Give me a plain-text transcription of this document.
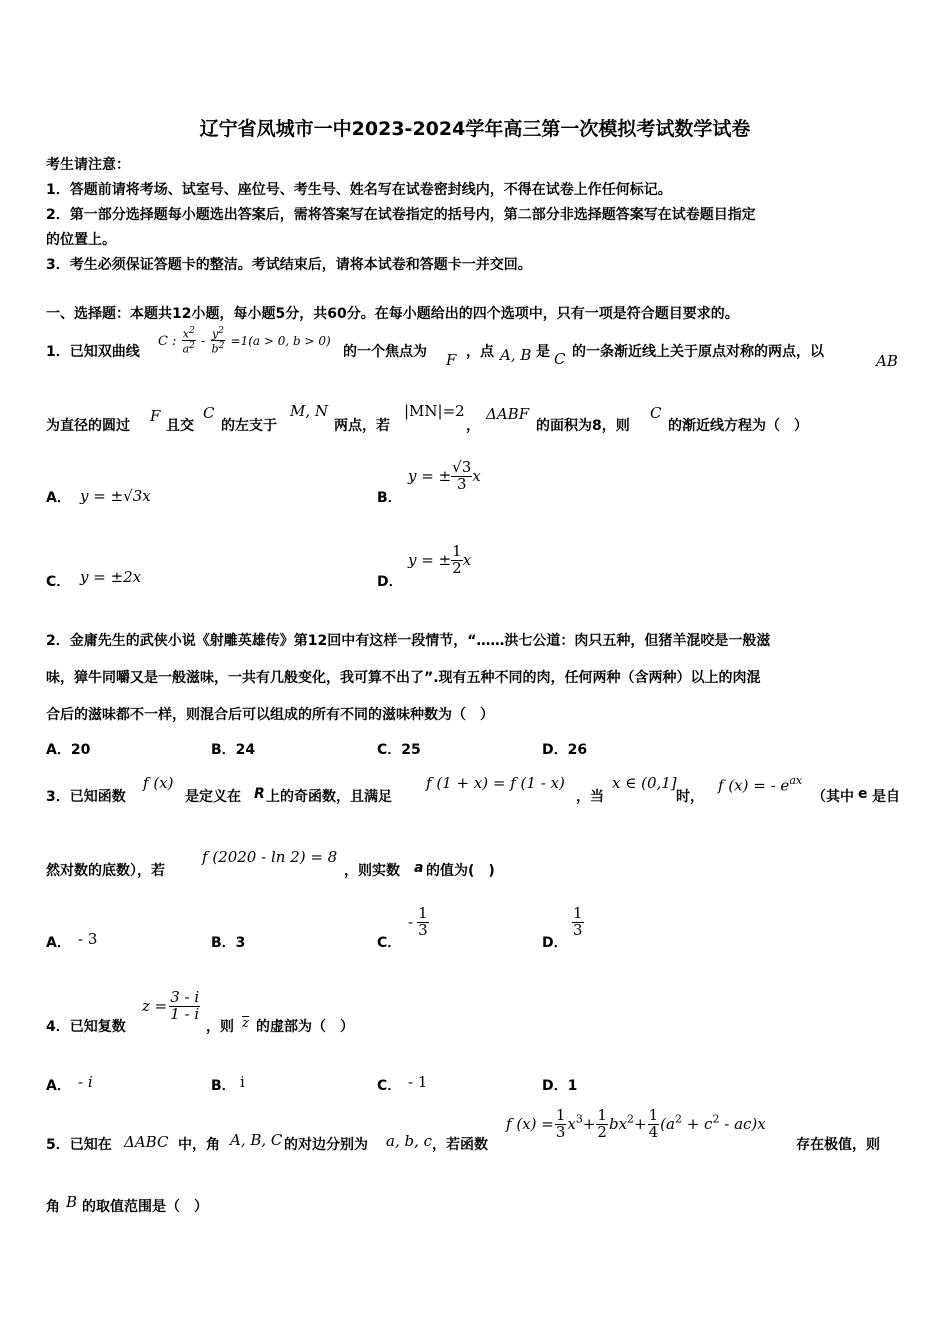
辽宁省凤城市一中2023-2024学年高三第一次模拟考试数学试卷
考生请注意：
1．答题前请将考场、试室号、座位号、考生号、姓名写在试卷密封线内，不得在试卷上作任何标记。
2．第一部分选择题每小题选出答案后，需将答案写在试卷指定的括号内，第二部分非选择题答案写在试卷题目指定
的位置上。
3．考生必须保证答题卡的整洁。考试结束后，请将本试卷和答题卡一并交回。
一、选择题：本题共12小题，每小题5分，共60分。在每小题给出的四个选项中，只有一项是符合题目要求的。
1．已知双曲线
C : $\frac{x^2}{a^2} - \frac{y^2}{b^2} =1(a > 0$, b > 0)
的一个焦点为 F ，点 A, B 是 C 的一条渐近线上关于原点对称的两点，以	AB
为直径的圆过
F
且交
C
的左支于
M, N
两点，若
|MN|=2
，
ΔABF
的面积为8，则
C
的渐近线方程为（　）
A． y = ±√3x	B．
y = ± $\frac{√3}{3}$ x
C． y = ±2x	D．
y = ± $\frac{1}{2}$ x
2．金庸先生的武侠小说《射雕英雄传》第12回中有这样一段情节，“……洪七公道：肉只五种，但猪羊混咬是一般滋
味，獐牛同嚼又是一般滋味，一共有几般变化，我可算不出了”.现有五种不同的肉，任何两种（含两种）以上的肉混
合后的滋味都不一样，则混合后可以组成的所有不同的滋味种数为（　）
A．20	B．24	C．25	D．26
3．已知函数
f (x)
是定义在 R 上的奇函数，且满足
f (1 + x) = f (1 - x)
，当
x ∈ (0,1]
时，
f (x) = - $e^{ax}$
（其中 e 是自
然对数的底数），若
f (2020 - ln 2) = 8
，则实数 a 的值为(　)
A． - 3	B．3	C．
- $\frac{1}{3}$
D．
$\frac{1}{3}$
4．已知复数
$z = \frac{3 - i}{1 - i}$
，则 z 的虚部为（　）
A． - i	B． i	C． - 1	D．1
5．已知在 ΔABC 中，角 A, B, C 的对边分别为 a, b, c ，若函数
f $(x) = \frac{1}{3} x^3+ \frac{1}{2} bx^2+ \frac{1}{4} (a^2 + c^2 - ac)x$
存在极值，则
角 B 的取值范围是（　）
